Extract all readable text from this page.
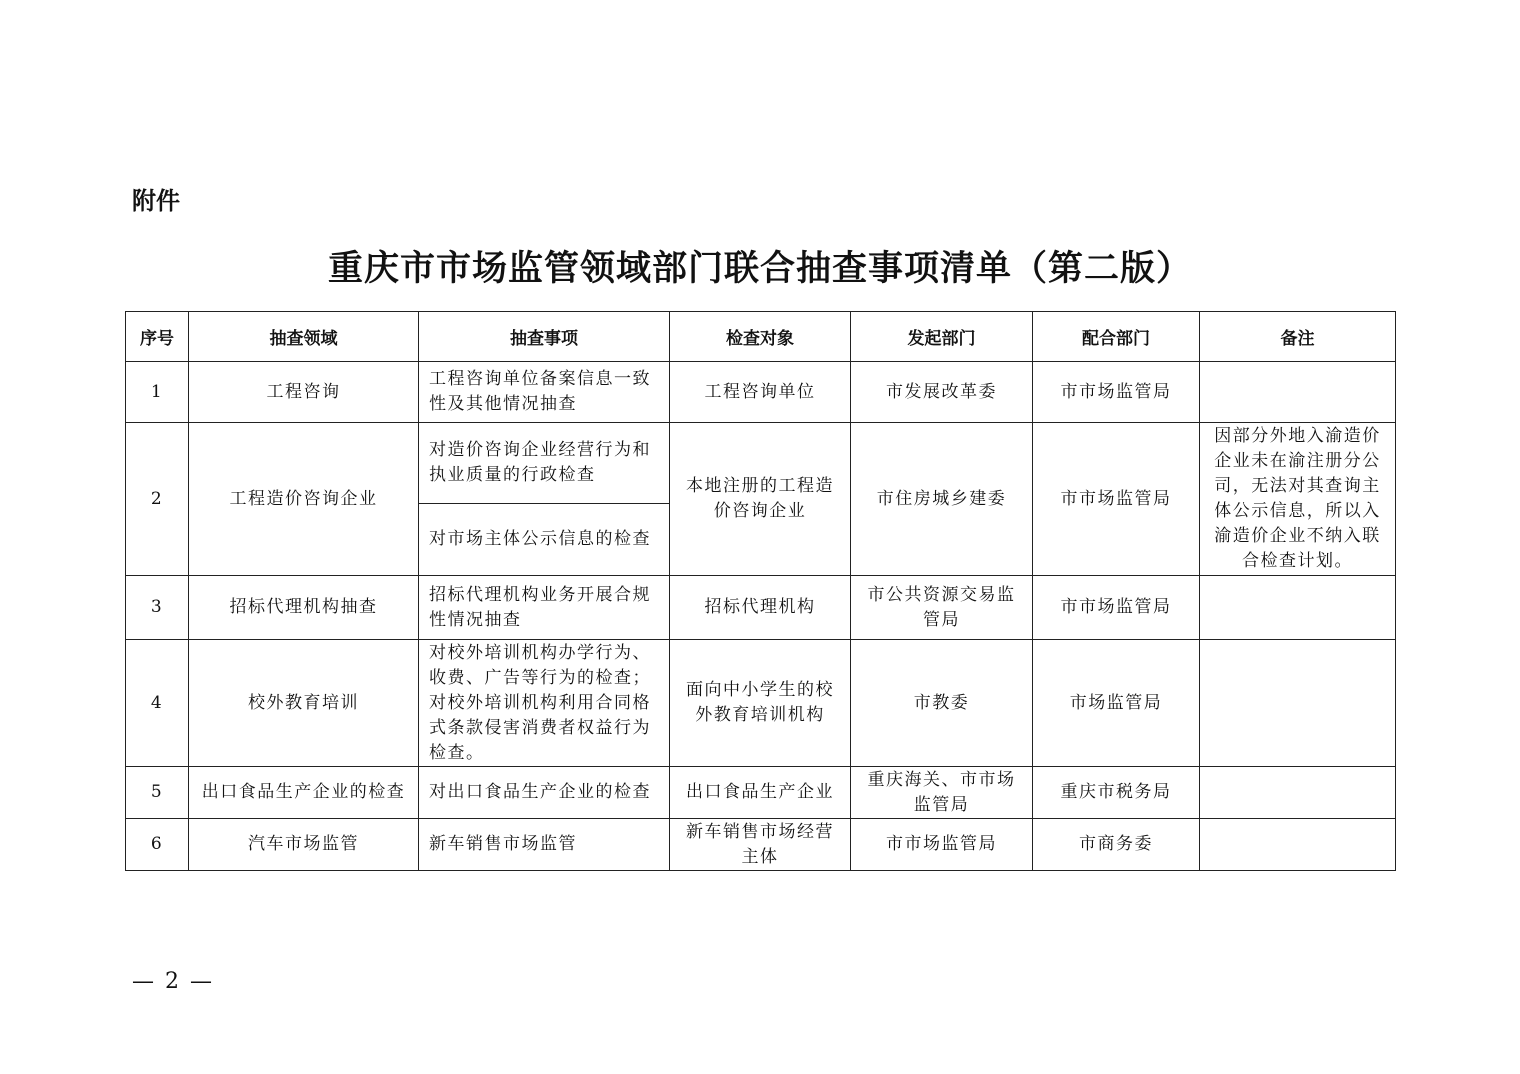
附件
重庆市市场监管领域部门联合抽查事项清单（第二版）
序号	抽查领域	抽查事项	检查对象	发起部门	配合部门	备注
1	工程咨询	工程咨询单位备案信息一致性及其他情况抽查	工程咨询单位	市发展改革委	市市场监管局	
2	工程造价咨询企业	对造价咨询企业经营行为和执业质量的行政检查	本地注册的工程造价咨询企业	市住房城乡建委	市市场监管局	因部分外地入渝造价企业未在渝注册分公司，无法对其查询主体公示信息，所以入渝造价企业不纳入联合检查计划。
		对市场主体公示信息的检查				
3	招标代理机构抽查	招标代理机构业务开展合规性情况抽查	招标代理机构	市公共资源交易监管局	市市场监管局	
4	校外教育培训	对校外培训机构办学行为、收费、广告等行为的检查；对校外培训机构利用合同格式条款侵害消费者权益行为检查。	面向中小学生的校外教育培训机构	市教委	市场监管局	
5	出口食品生产企业的检查	对出口食品生产企业的检查	出口食品生产企业	重庆海关、市市场监管局	重庆市税务局	
6	汽车市场监管	新车销售市场监管	新车销售市场经营主体	市市场监管局	市商务委	
— 2 —
